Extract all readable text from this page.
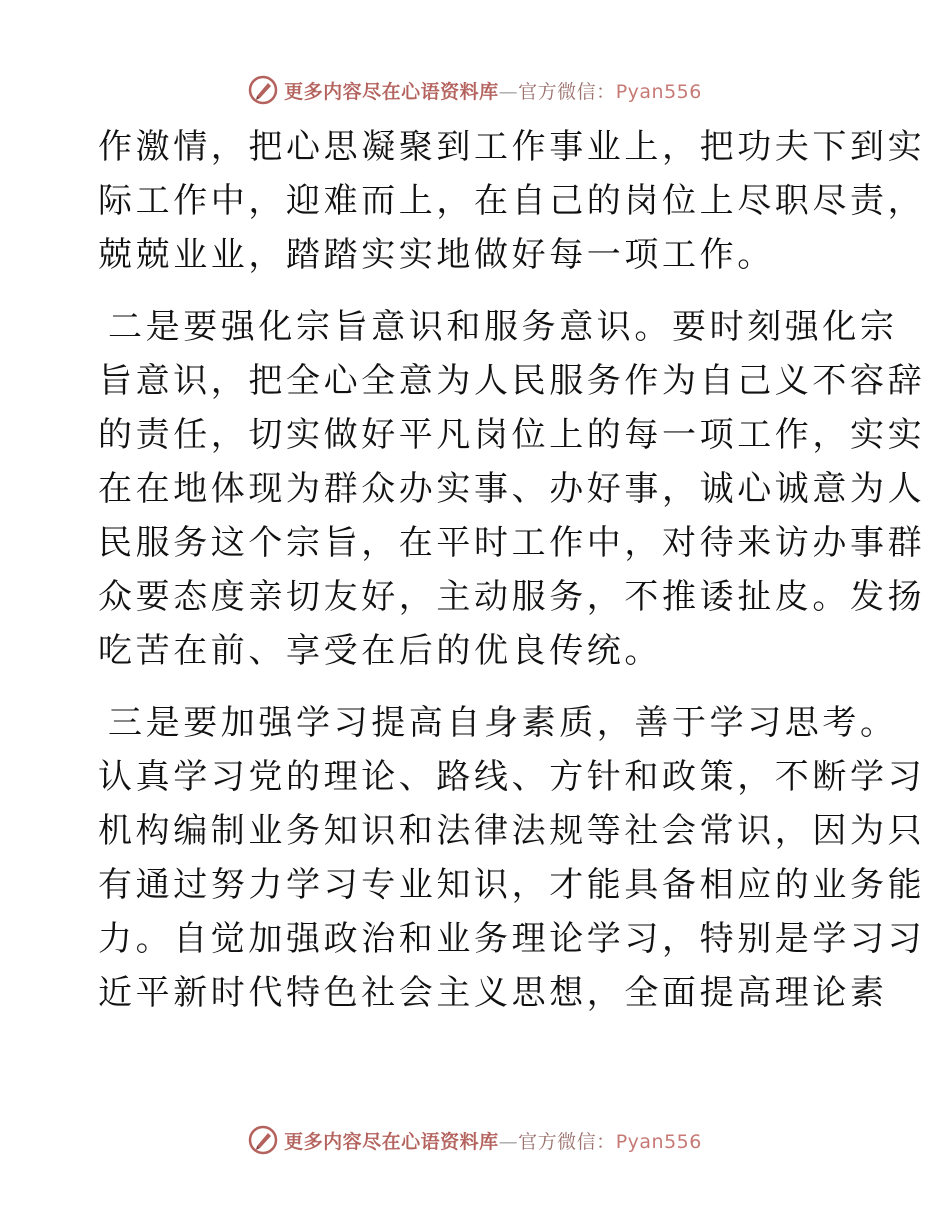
更多内容尽在心语资料库—官方微信：Pyan556
作激情，把心思凝聚到工作事业上，把功夫下到实
际工作中，迎难而上，在自己的岗位上尽职尽责，
兢兢业业，踏踏实实地做好每一项工作。
二是要强化宗旨意识和服务意识。要时刻强化宗
旨意识，把全心全意为人民服务作为自己义不容辞
的责任，切实做好平凡岗位上的每一项工作，实实
在在地体现为群众办实事、办好事，诚心诚意为人
民服务这个宗旨，在平时工作中，对待来访办事群
众要态度亲切友好，主动服务，不推诿扯皮。发扬
吃苦在前、享受在后的优良传统。
三是要加强学习提高自身素质，善于学习思考。
认真学习党的理论、路线、方针和政策，不断学习
机构编制业务知识和法律法规等社会常识，因为只
有通过努力学习专业知识，才能具备相应的业务能
力。自觉加强政治和业务理论学习，特别是学习习
近平新时代特色社会主义思想，全面提高理论素
更多内容尽在心语资料库—官方微信：Pyan556
